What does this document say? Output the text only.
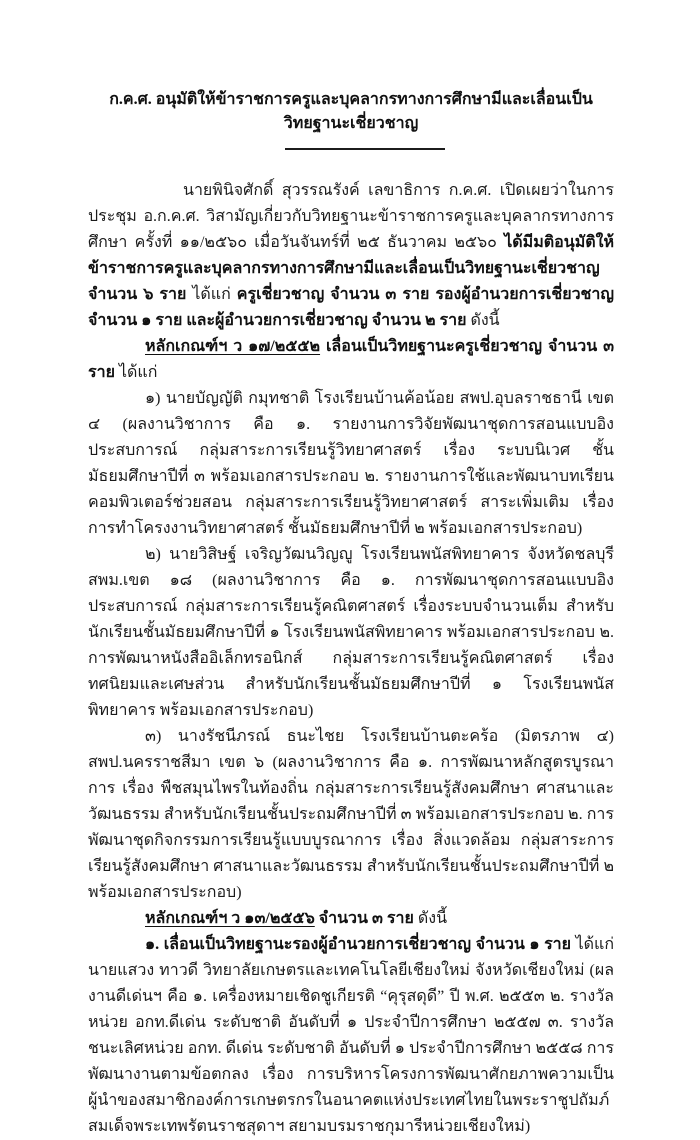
ก.ค.ศ. อนุมัติให้ข้าราชการครูและบุคลากรทางการศึกษามีและเลื่อนเป็นวิทยฐานะเชี่ยวชาญ

นายพินิจศักดิ์ สุวรรณรังค์ เลขาธิการ ก.ค.ศ. เปิดเผยว่าในการประชุม อ.ก.ค.ศ. วิสามัญเกี่ยวกับวิทยฐานะข้าราชการครูและบุคลากรทางการศึกษา ครั้งที่ ๑๑/๒๕๖๐ เมื่อวันจันทร์ที่ ๒๕ ธันวาคม ๒๕๖๐ ได้มีมติอนุมัติให้ข้าราชการครูและบุคลากรทางการศึกษามีและเลื่อนเป็นวิทยฐานะเชี่ยวชาญ จำนวน ๖ ราย ได้แก่ ครูเชี่ยวชาญ จำนวน ๓ ราย รองผู้อำนวยการเชี่ยวชาญ จำนวน ๑ ราย และผู้อำนวยการเชี่ยวชาญ จำนวน ๒ ราย ดังนี้

หลักเกณฑ์ฯ ว ๑๗/๒๕๕๒ เลื่อนเป็นวิทยฐานะครูเชี่ยวชาญ จำนวน ๓ ราย ได้แก่

๑) นายบัญญัติ กมุทชาติ โรงเรียนบ้านค้อน้อย สพป.อุบลราชธานี เขต ๔ (ผลงานวิชาการ คือ ๑. รายงานการวิจัยพัฒนาชุดการสอนแบบอิงประสบการณ์ กลุ่มสาระการเรียนรู้วิทยาศาสตร์ เรื่อง ระบบนิเวศ ชั้นมัธยมศึกษาปีที่ ๓ พร้อมเอกสารประกอบ ๒. รายงานการใช้และพัฒนาบทเรียนคอมพิวเตอร์ช่วยสอน กลุ่มสาระการเรียนรู้วิทยาศาสตร์ สาระเพิ่มเติม เรื่อง การทำโครงงานวิทยาศาสตร์ ชั้นมัธยมศึกษาปีที่ ๒ พร้อมเอกสารประกอบ)

๒) นายวิสิษฐ์ เจริญวัฒนวิญญู โรงเรียนพนัสพิทยาคาร จังหวัดชลบุรี สพม.เขต ๑๘ (ผลงานวิชาการ คือ ๑. การพัฒนาชุดการสอนแบบอิงประสบการณ์ กลุ่มสาระการเรียนรู้คณิตศาสตร์ เรื่องระบบจำนวนเต็ม สำหรับนักเรียนชั้นมัธยมศึกษาปีที่ ๑ โรงเรียนพนัสพิทยาคาร พร้อมเอกสารประกอบ ๒. การพัฒนาหนังสืออิเล็กทรอนิกส์ กลุ่มสาระการเรียนรู้คณิตศาสตร์ เรื่อง ทศนิยมและเศษส่วน สำหรับนักเรียนชั้นมัธยมศึกษาปีที่ ๑ โรงเรียนพนัสพิทยาคาร พร้อมเอกสารประกอบ)

๓) นางรัชนีภรณ์ ธนะไชย โรงเรียนบ้านตะคร้อ (มิตรภาพ ๔) สพป.นครราชสีมา เขต ๖ (ผลงานวิชาการ คือ ๑. การพัฒนาหลักสูตรบูรณาการ เรื่อง พืชสมุนไพรในท้องถิ่น กลุ่มสาระการเรียนรู้สังคมศึกษา ศาสนาและวัฒนธรรม สำหรับนักเรียนชั้นประถมศึกษาปีที่ ๓ พร้อมเอกสารประกอบ ๒. การพัฒนาชุดกิจกรรมการเรียนรู้แบบบูรณาการ เรื่อง สิ่งแวดล้อม กลุ่มสาระการเรียนรู้สังคมศึกษา ศาสนาและวัฒนธรรม สำหรับนักเรียนชั้นประถมศึกษาปีที่ ๒ พร้อมเอกสารประกอบ)

หลักเกณฑ์ฯ ว ๑๓/๒๕๕๖ จำนวน ๓ ราย ดังนี้

๑. เลื่อนเป็นวิทยฐานะรองผู้อำนวยการเชี่ยวชาญ จำนวน ๑ ราย ได้แก่ นายแสวง ทาวดี วิทยาลัยเกษตรและเทคโนโลยีเชียงใหม่ จังหวัดเชียงใหม่ (ผลงานดีเด่นฯ คือ ๑. เครื่องหมายเชิดชูเกียรติ “คุรุสดุดี” ปี พ.ศ. ๒๕๕๓ ๒. รางวัลหน่วย อกท.ดีเด่น ระดับชาติ อันดับที่ ๑ ประจำปีการศึกษา ๒๕๕๗ ๓. รางวัลชนะเลิศหน่วย อกท. ดีเด่น ระดับชาติ อันดับที่ ๑ ประจำปีการศึกษา ๒๕๕๘ การพัฒนางานตามข้อตกลง เรื่อง การบริหารโครงการพัฒนาศักยภาพความเป็นผู้นำของสมาชิกองค์การเกษตรกรในอนาคตแห่งประเทศไทยในพระราชูปถัมภ์สมเด็จพระเทพรัตนราชสุดาฯ สยามบรมราชกุมารีหน่วยเชียงใหม่)
